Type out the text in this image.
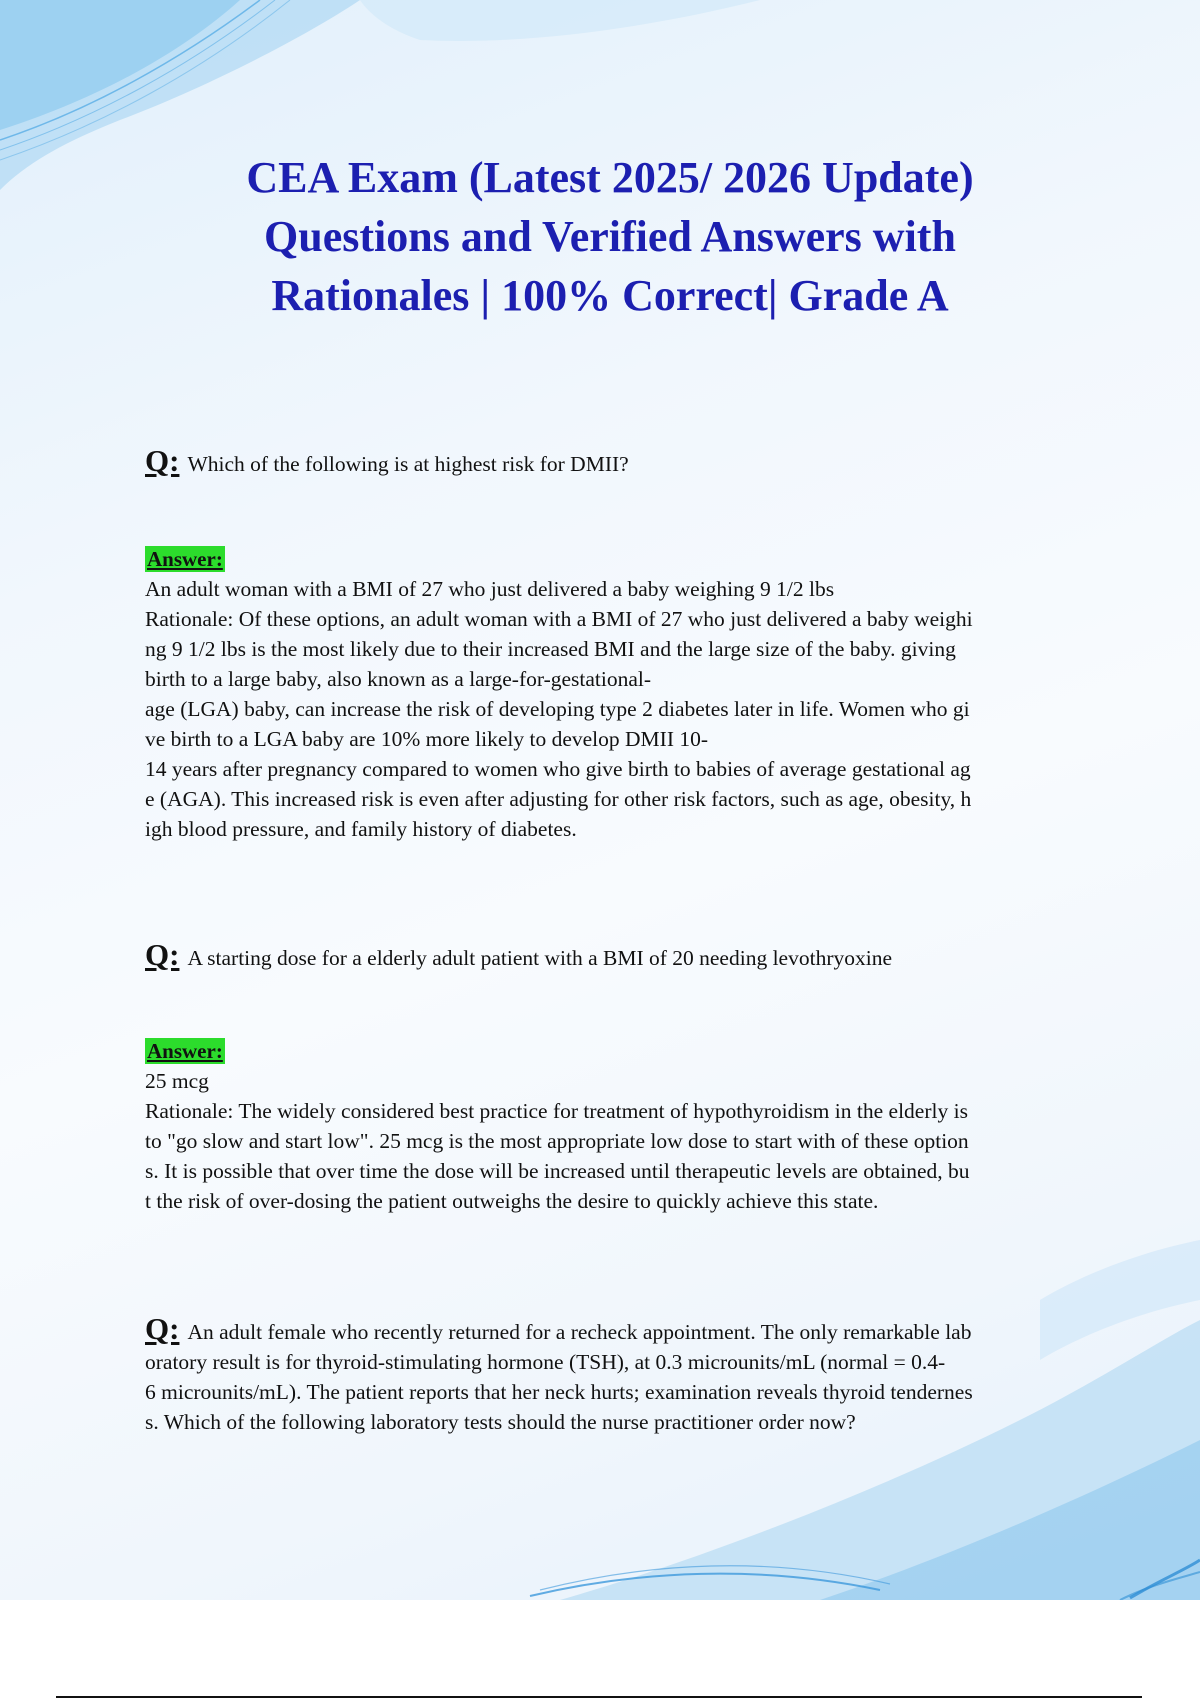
CEA Exam (Latest 2025/ 2026 Update)
Questions and Verified Answers with
Rationales | 100% Correct| Grade A
Q: Which of the following is at highest risk for DMII?
Answer:

An adult woman with a BMI of 27 who just delivered a baby weighing 9 1/2 lbs

Rationale: Of these options, an adult woman with a BMI of 27 who just delivered a baby weighi

ng 9 1/2 lbs is the most likely due to their increased BMI and the large size of the baby. giving

birth to a large baby, also known as a large-for-gestational-

age (LGA) baby, can increase the risk of developing type 2 diabetes later in life. Women who gi

ve birth to a LGA baby are 10% more likely to develop DMII 10-

14 years after pregnancy compared to women who give birth to babies of average gestational ag

e (AGA). This increased risk is even after adjusting for other risk factors, such as age, obesity, h

igh blood pressure, and family history of diabetes.

Q: A starting dose for a elderly adult patient with a BMI of 20 needing levothryoxine
Answer:

25 mcg

Rationale: The widely considered best practice for treatment of hypothyroidism in the elderly is

to "go slow and start low". 25 mcg is the most appropriate low dose to start with of these option

s. It is possible that over time the dose will be increased until therapeutic levels are obtained, bu

t the risk of over-dosing the patient outweighs the desire to quickly achieve this state.

Q: An adult female who recently returned for a recheck appointment. The only remarkable lab
oratory result is for thyroid-stimulating hormone (TSH), at 0.3 microunits/mL (normal = 0.4-
6 microunits/mL). The patient reports that her neck hurts; examination reveals thyroid tendernes
s. Which of the following laboratory tests should the nurse practitioner order now?
